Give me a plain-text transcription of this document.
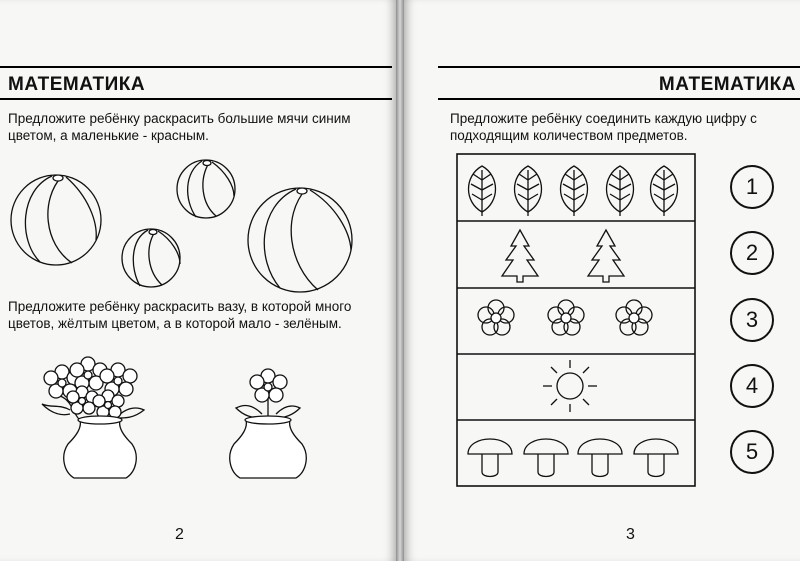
МАТЕМАТИКА

Предложите ребёнку раскрасить большие мячи синим цветом, а маленькие - красным.

Предложите ребёнку раскрасить вазу, в которой много цветов, жёлтым цветом, а в которой мало - зелёным.

2
МАТЕМАТИКА

Предложите ребёнку соединить каждую цифру с подходящим количеством предметов.

1
2
3
4
5
3
